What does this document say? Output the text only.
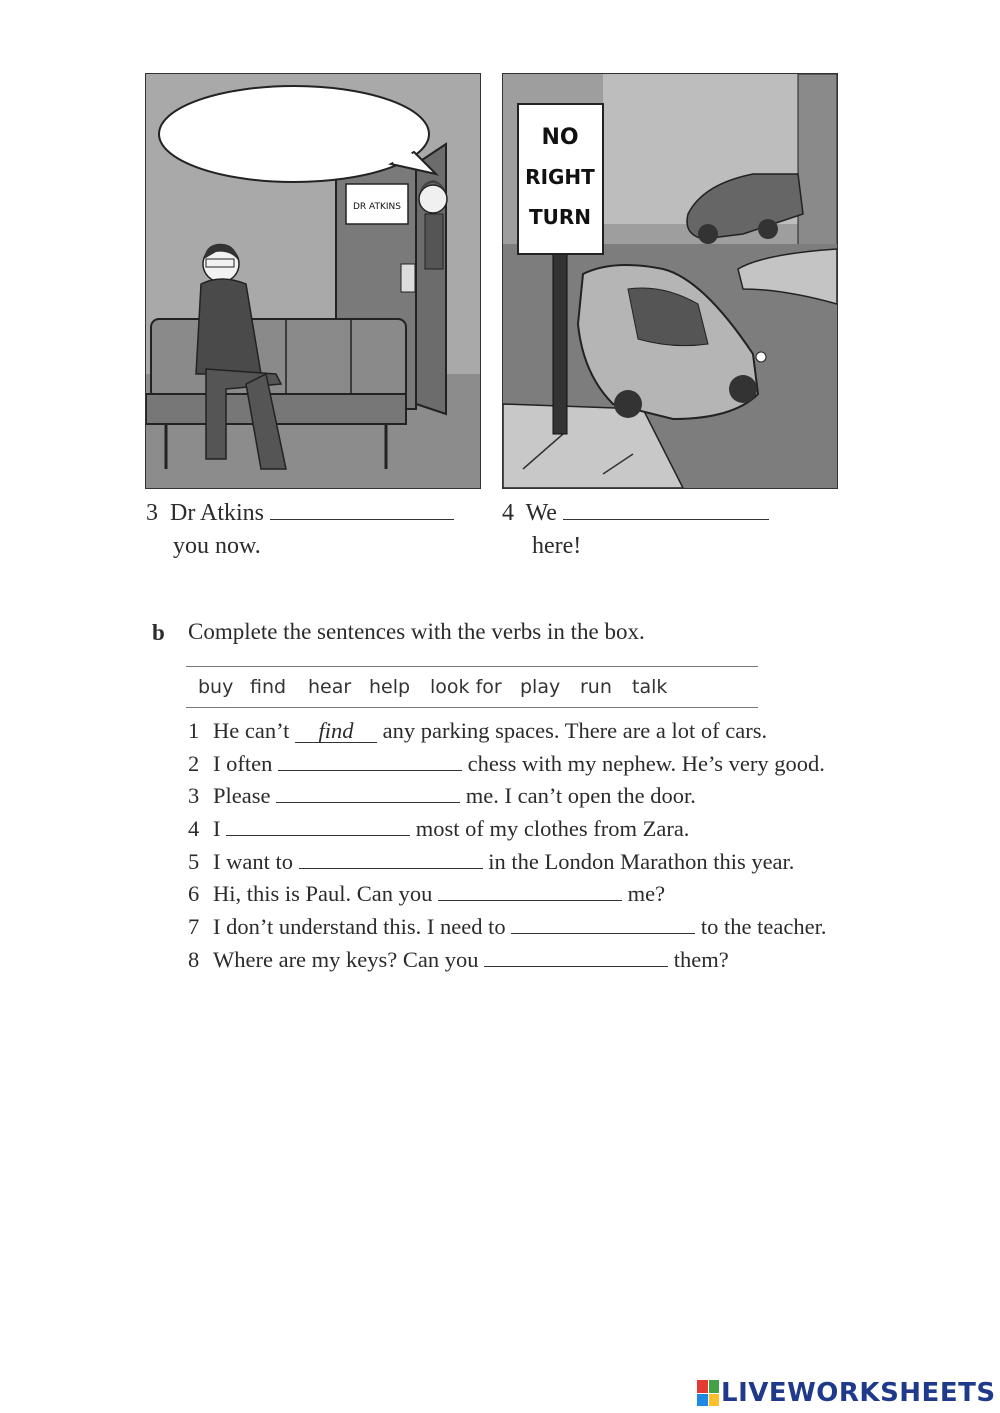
DR ATKINS
NO
RIGHT
TURN
3 Dr Atkins
you now.
4 We
here!
b Complete the sentences with the verbs in the box.
buy find hear help look for play run talk
1 He can’t find any parking spaces. There are a lot of cars.
2 I often	chess with my nephew. He’s very good.
3 Please	me. I can’t open the door.
4 I	most of my clothes from Zara.
5 I want to	in the London Marathon this year.
6 Hi, this is Paul. Can you	me?
7 I don’t understand this. I need to	to the teacher.
8 Where are my keys? Can you	them?
LIVEWORKSHEETS
